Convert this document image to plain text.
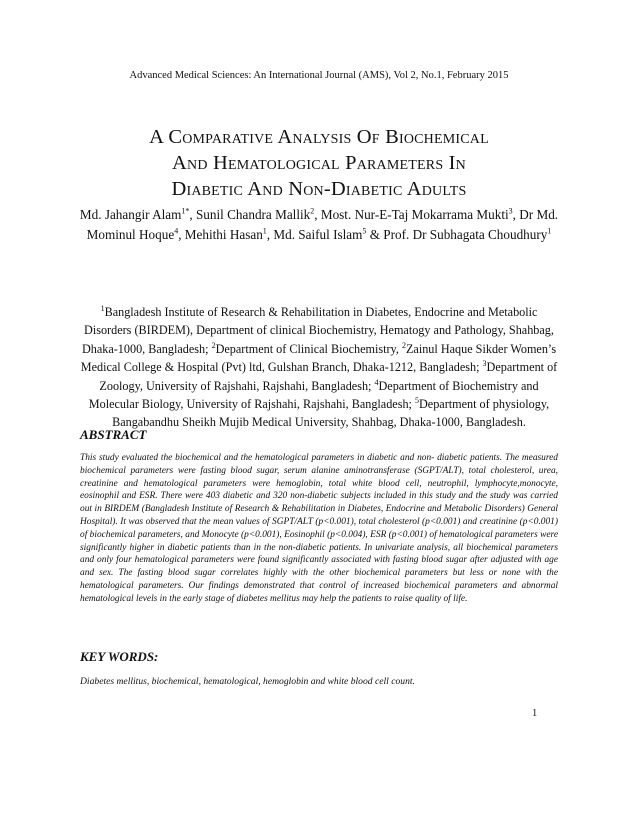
Advanced Medical Sciences: An International Journal (AMS), Vol 2, No.1, February 2015
A Comparative Analysis Of Biochemical
And Hematological Parameters In
Diabetic And Non-Diabetic Adults
Md. Jahangir Alam$^{1*}$, Sunil Chandra Mallik$^2$, Most. Nur-E-Taj Mokarrama Mukti$^3$, Dr Md. Mominul Hoque$^4$, Mehithi Hasan$^1$, Md. Saiful Islam$^5$ & Prof. Dr Subhagata Choudhury$^1$
$^1$Bangladesh Institute of Research & Rehabilitation in Diabetes, Endocrine and Metabolic Disorders (BIRDEM), Department of clinical Biochemistry, Hematogy and Pathology, Shahbag, Dhaka-1000, Bangladesh; $^2$Department of Clinical Biochemistry, $^2$Zainul Haque Sikder Women’s Medical College & Hospital (Pvt) ltd, Gulshan Branch, Dhaka-1212, Bangladesh; $^3$Department of Zoology, University of Rajshahi, Rajshahi, Bangladesh; $^4$Department of Biochemistry and Molecular Biology, University of Rajshahi, Rajshahi, Bangladesh; $^5$Department of physiology, Bangabandhu Sheikh Mujib Medical University, Shahbag, Dhaka-1000, Bangladesh.
ABSTRACT
This study evaluated the biochemical and the hematological parameters in diabetic and non- diabetic patients. The measured biochemical parameters were fasting blood sugar, serum alanine aminotransferase (SGPT/ALT), total cholesterol, urea, creatinine and hematological parameters were hemoglobin, total white blood cell, neutrophil, lymphocyte,monocyte, eosinophil and ESR. There were 403 diabetic and 320 non-diabetic subjects included in this study and the study was carried out in BIRDEM (Bangladesh Institute of Research & Rehabilitation in Diabetes, Endocrine and Metabolic Disorders) General Hospital). It was observed that the mean values of SGPT/ALT (p<0.001), total cholesterol (p<0.001) and creatinine (p<0.001) of biochemical parameters, and Monocyte (p<0.001), Eosinophil (p<0.004), ESR (p<0.001) of hematological parameters were significantly higher in diabetic patients than in the non-diabetic patients. In univariate analysis, all biochemical parameters and only four hematological parameters were found significantly associated with fasting blood sugar after adjusted with age and sex. The fasting blood sugar correlates highly with the other biochemical parameters but less or none with the hematological parameters. Our findings demonstrated that control of increased biochemical parameters and abnormal hematological levels in the early stage of diabetes mellitus may help the patients to raise quality of life.
KEY WORDS:
Diabetes mellitus, biochemical, hematological, hemoglobin and white blood cell count.
1
